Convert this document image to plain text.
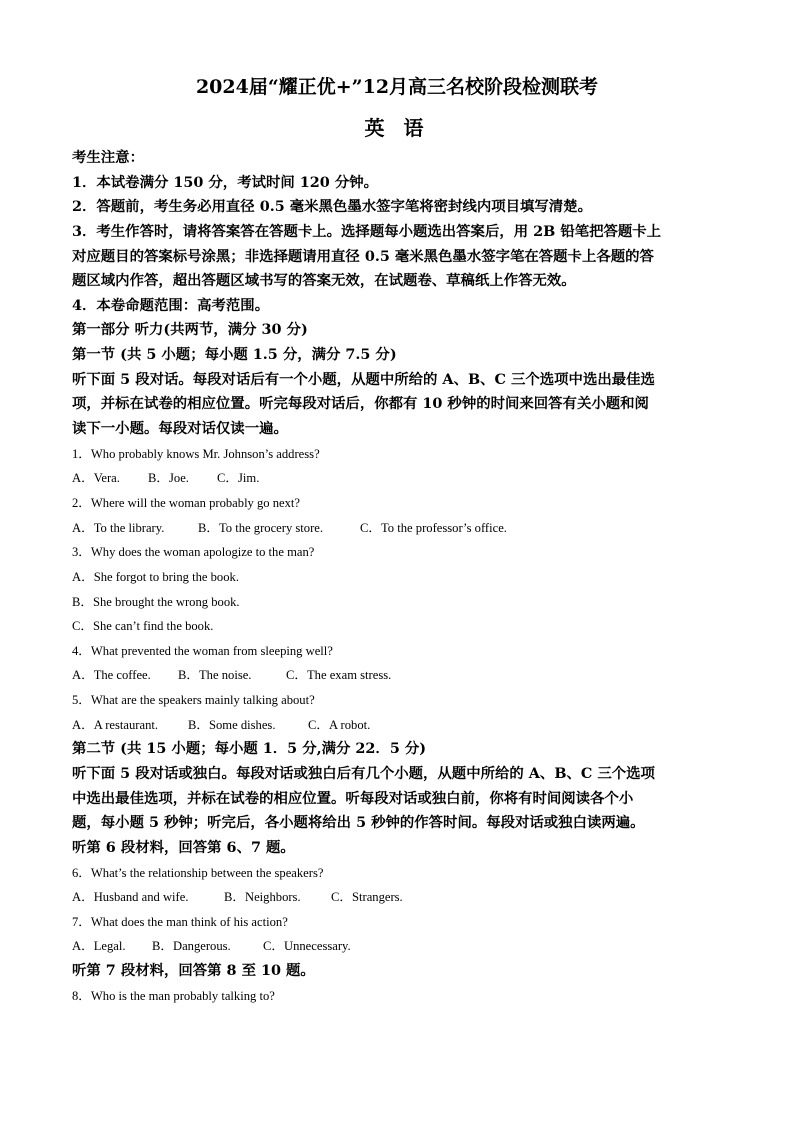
2024届“耀正优+”12月高三名校阶段检测联考
英 语
考生注意：
1．本试卷满分 150 分，考试时间 120 分钟。
2．答题前，考生务必用直径 0.5 毫米黑色墨水签字笔将密封线内项目填写清楚。
3．考生作答时，请将答案答在答题卡上。选择题每小题选出答案后，用 2B 铅笔把答题卡上
对应题目的答案标号涂黑；非选择题请用直径 0.5 毫米黑色墨水签字笔在答题卡上各题的答
题区域内作答，超出答题区域书写的答案无效，在试题卷、草稿纸上作答无效。
4．本卷命题范围：高考范围。
第一部分 听力(共两节，满分 30 分)
第一节 (共 5 小题；每小题 1.5 分，满分 7.5 分)
听下面 5 段对话。每段对话后有一个小题，从题中所给的 A、B、C 三个选项中选出最佳选
项，并标在试卷的相应位置。听完每段对话后，你都有 10 秒钟的时间来回答有关小题和阅
读下一小题。每段对话仅读一遍。
1．Who probably knows Mr. Johnson’s address?
A．Vera. B．Joe. C．Jim.
2．Where will the woman probably go next?
A．To the library.	B．To the grocery store.	C．To the professor’s office.
3．Why does the woman apologize to the man?
A．She forgot to bring the book.
B．She brought the wrong book.
C．She can’t find the book.
4．What prevented the woman from sleeping well?
A．The coffee. B．The noise.	C．The exam stress.
5．What are the speakers mainly talking about?
A．A restaurant. B．Some dishes.	C．A robot.
第二节 (共 15 小题；每小题 1．5 分,满分 22．5 分)
听下面 5 段对话或独白。每段对话或独白后有几个小题，从题中所给的 A、B、C 三个选项
中选出最佳选项，并标在试卷的相应位置。听每段对话或独白前，你将有时间阅读各个小
题，每小题 5 秒钟；听完后，各小题将给出 5 秒钟的作答时间。每段对话或独白读两遍。
听第 6 段材料，回答第 6、7 题。
6．What’s the relationship between the speakers?
A．Husband and wife.	B．Neighbors. C．Strangers.
7．What does the man think of his action?
A．Legal. B．Dangerous.	C．Unnecessary.
听第 7 段材料，回答第 8 至 10 题。
8．Who is the man probably talking to?
